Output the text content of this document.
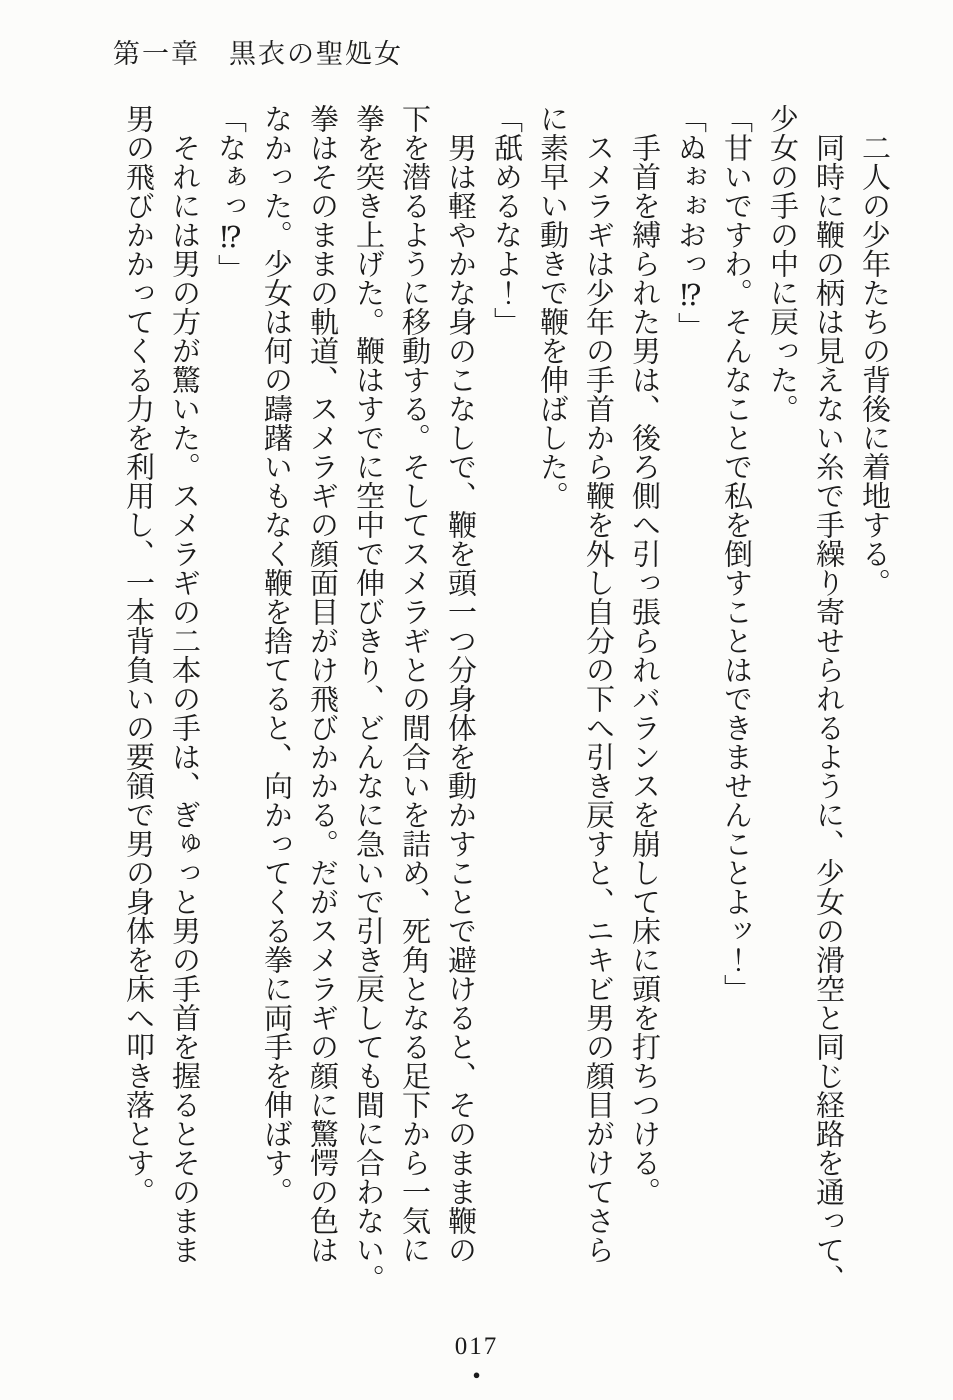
第一章　黒衣の聖処女

　二人の少年たちの背後に着地する。

　同時に鞭の柄は見えない糸で手繰り寄せられるように、少女の滑空と同じ経路を通って、

少女の手の中に戻った。

「甘いですわ。そんなことで私を倒すことはできませんことよッ！」

「ぬぉぉおっ⁉」

　手首を縛られた男は、後ろ側へ引っ張られバランスを崩して床に頭を打ちつける。

　スメラギは少年の手首から鞭を外し自分の下へ引き戻すと、ニキビ男の顔目がけてさら

に素早い動きで鞭を伸ばした。

「舐めるなよ！」

　男は軽やかな身のこなしで、鞭を頭一つ分身体を動かすことで避けると、そのまま鞭の

下を潜るように移動する。そしてスメラギとの間合いを詰め、死角となる足下から一気に

拳を突き上げた。鞭はすでに空中で伸びきり、どんなに急いで引き戻しても間に合わない。

拳はそのままの軌道、スメラギの顔面目がけ飛びかかる。だがスメラギの顔に驚愕の色は

なかった。少女は何の躊躇いもなく鞭を捨てると、向かってくる拳に両手を伸ばす。

「なぁっ⁉」

　それには男の方が驚いた。スメラギの二本の手は、ぎゅっと男の手首を握るとそのまま

男の飛びかかってくる力を利用し、一本背負いの要領で男の身体を床へ叩き落とす。

017
●
